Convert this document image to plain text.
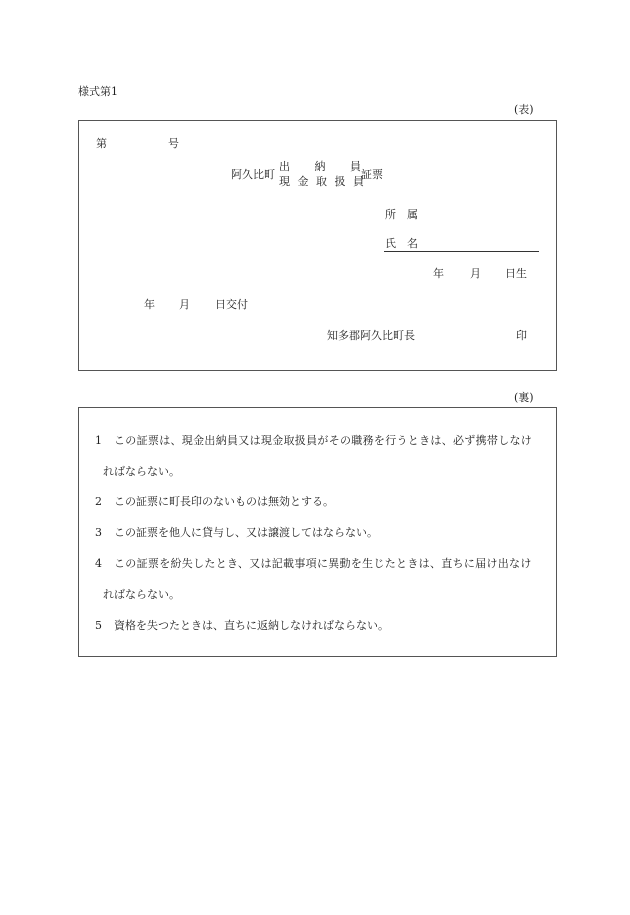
様式第1
(表)
第	号
阿久比町
出 納 員
現 金 取 扱 員
証票
所　属
氏　名
年 月 日生
年 月 日交付
知多郡阿久比町長	印
(裏)
1 この証票は、現金出納員又は現金取扱員がその職務を行うときは、必ず携帯しなけ
ればならない。
2 この証票に町長印のないものは無効とする。
3 この証票を他人に貸与し、又は譲渡してはならない。
4 この証票を紛失したとき、又は記載事項に異動を生じたときは、直ちに届け出なけ
ればならない。
5 資格を失つたときは、直ちに返納しなければならない。
